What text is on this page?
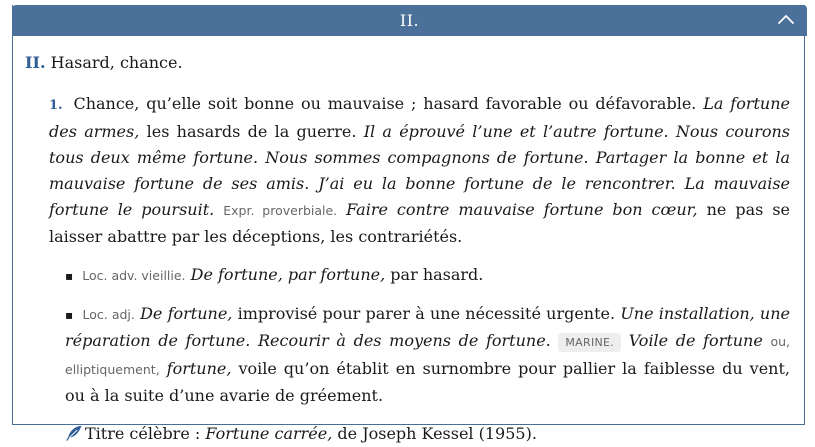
II.

II. Hasard, chance.

1. Chance, qu’elle soit bonne ou mauvaise ; hasard favorable ou défavorable. La fortune des armes, les hasards de la guerre. Il a éprouvé l’une et l’autre fortune. Nous courons tous deux même fortune. Nous sommes compagnons de fortune. Partager la bonne et la mauvaise fortune de ses amis. J’ai eu la bonne fortune de le rencontrer. La mauvaise fortune le poursuit. Expr. proverbiale. Faire contre mauvaise fortune bon cœur, ne pas se laisser abattre par les déceptions, les contrariétés.

▪ Loc. adv. vieillie. De fortune, par fortune, par hasard.

▪ Loc. adj. De fortune, improvisé pour parer à une nécessité urgente. Une installation, une réparation de fortune. Recourir à des moyens de fortune. MARINE. Voile de fortune ou, elliptiquement, fortune, voile qu’on établit en surnombre pour pallier la faiblesse du vent, ou à la suite d’une avarie de gréement.

Titre célèbre : Fortune carrée, de Joseph Kessel (1955).
